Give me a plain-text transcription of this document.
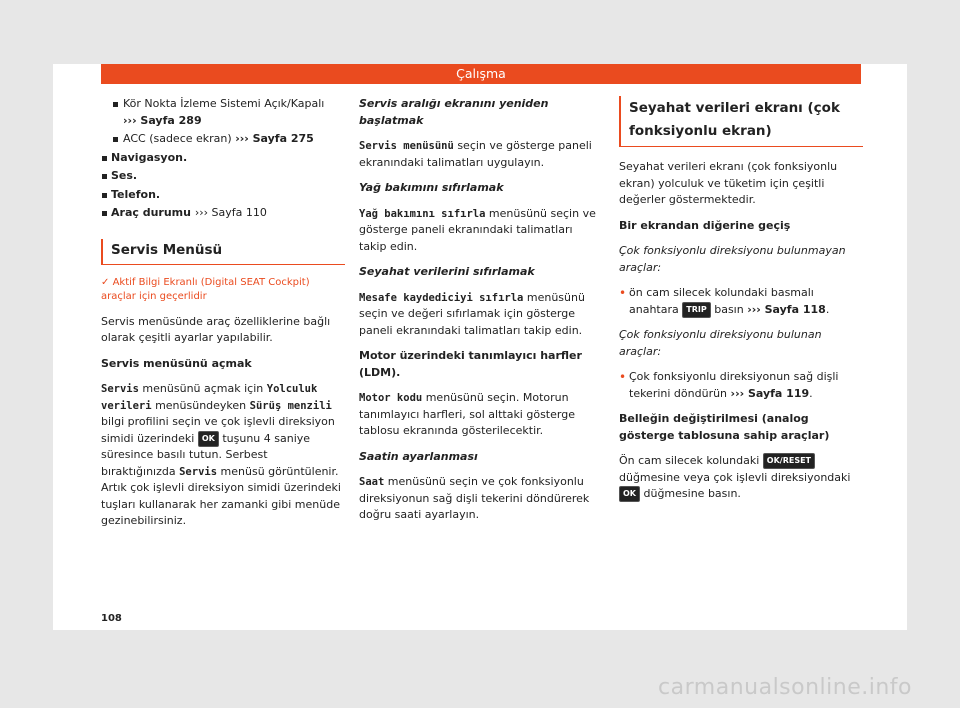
Çalışma
Kör Nokta İzleme Sistemi Açık/Kapalı
››› Sayfa 289
ACC (sadece ekran) ››› Sayfa 275
Navigasyon.
Ses.
Telefon.
Araç durumu ››› Sayfa 110
Servis Menüsü
✓ Aktif Bilgi Ekranlı (Digital SEAT Cockpit) araçlar için geçerlidir

Servis menüsünde araç özelliklerine bağlı olarak çeşitli ayarlar yapılabilir.

Servis menüsünü açmak

Servis menüsünü açmak için Yolculuk verileri menüsündeyken Sürüş menzili bilgi profilini seçin ve çok işlevli direksiyon simidi üzerindeki OK tuşunu 4 saniye süresince basılı tutun. Serbest bıraktığınızda Servis menüsü görüntülenir. Artık çok işlevli direksiyon simidi üzerindeki tuşları kullanarak her zamanki gibi menüde gezinebilirsiniz.

Servis aralığı ekranını yeniden başlatmak

Servis menüsünü seçin ve gösterge paneli ekranındaki talimatları uygulayın.

Yağ bakımını sıfırlamak

Yağ bakımını sıfırla menüsünü seçin ve gösterge paneli ekranındaki talimatları takip edin.

Seyahat verilerini sıfırlamak

Mesafe kaydediciyi sıfırla menüsünü seçin ve değeri sıfırlamak için gösterge paneli ekranındaki talimatları takip edin.

Motor üzerindeki tanımlayıcı harfler (LDM).

Motor kodu menüsünü seçin. Motorun tanımlayıcı harfleri, sol alttaki gösterge tablosu ekranında gösterilecektir.

Saatin ayarlanması

Saat menüsünü seçin ve çok fonksiyonlu direksiyonun sağ dişli tekerini döndürerek doğru saati ayarlayın.

Seyahat verileri ekranı (çok fonksiyonlu ekran)

Seyahat verileri ekranı (çok fonksiyonlu ekran) yolculuk ve tüketim için çeşitli değerler göstermektedir.

Bir ekrandan diğerine geçiş

Çok fonksiyonlu direksiyonu bulunmayan araçlar:

• ön cam silecek kolundaki basmalı anahtara TRIP basın ››› Sayfa 118.

Çok fonksiyonlu direksiyonu bulunan araçlar:

• Çok fonksiyonlu direksiyonun sağ dişli tekerini döndürün ››› Sayfa 119.

Belleğin değiştirilmesi (analog gösterge tablosuna sahip araçlar)

Ön cam silecek kolundaki OK/RESET düğmesine veya çok işlevli direksiyondaki OK düğmesine basın.

108
carmanualsonline.info
